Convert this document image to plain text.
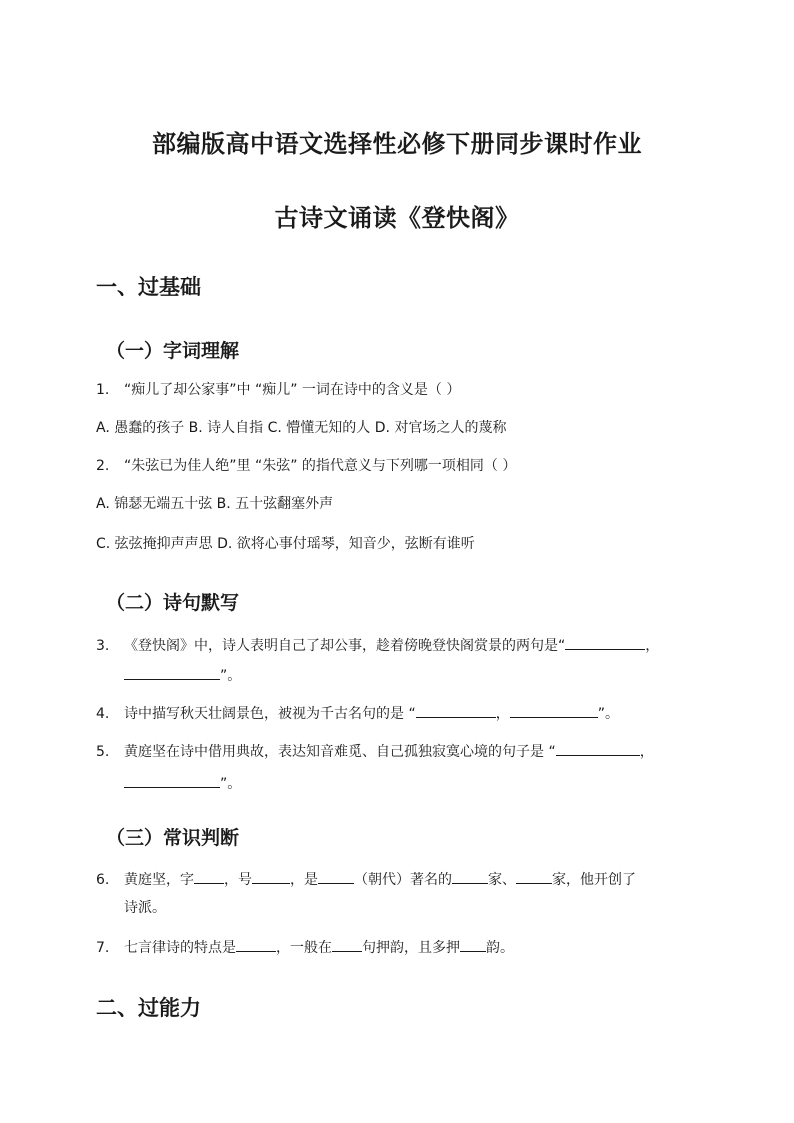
部编版高中语文选择性必修下册同步课时作业
古诗文诵读《登快阁》
一、过基础
（一）字词理解
1. “痴儿了却公家事”中 “痴儿” 一词在诗中的含义是（ ）
A. 愚蠢的孩子 B. 诗人自指 C. 懵懂无知的人 D. 对官场之人的蔑称
2. “朱弦已为佳人绝”里 “朱弦” 的指代意义与下列哪一项相同（ ）
A. 锦瑟无端五十弦 B. 五十弦翻塞外声
C. 弦弦掩抑声声思 D. 欲将心事付瑶琴，知音少，弦断有谁听
（二）诗句默写
3. 《登快阁》中，诗人表明自己了却公事，趁着傍晚登快阁赏景的两句是“	，
”。
4. 诗中描写秋天壮阔景色，被视为千古名句的是 “	，	”。
5. 黄庭坚在诗中借用典故，表达知音难觅、自己孤独寂寞心境的句子是 “	，
”。
（三）常识判断
6. 黄庭坚，字 ，号	，是	（朝代）著名的	家、	家，他开创了
诗派。
7. 七言律诗的特点是	，一般在 句押韵，且多押 韵。
二、过能力
